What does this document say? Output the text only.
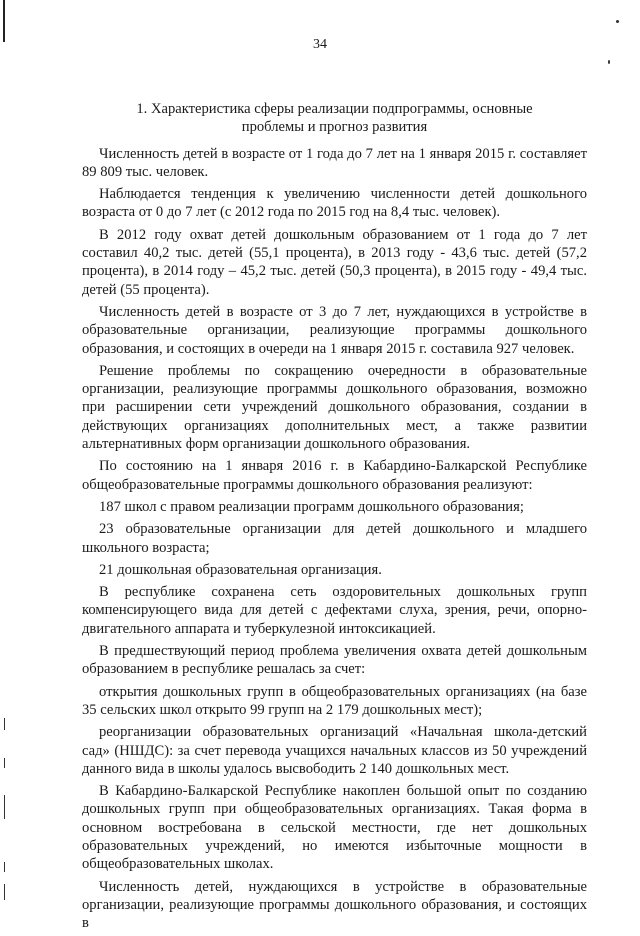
34
1. Характеристика сферы реализации подпрограммы, основные проблемы и прогноз развития

Численность детей в возрасте от 1 года до 7 лет на 1 января 2015 г. составляет 89 809 тыс. человек.

Наблюдается тенденция к увеличению численности детей дошкольного возраста от 0 до 7 лет (с 2012 года по 2015 год на 8,4 тыс. человек).

В 2012 году охват детей дошкольным образованием от 1 года до 7 лет составил 40,2 тыс. детей (55,1 процента), в 2013 году - 43,6 тыс. детей (57,2 процента), в 2014 году – 45,2 тыс. детей (50,3 процента), в 2015 году - 49,4 тыс. детей (55 процента).

Численность детей в возрасте от 3 до 7 лет, нуждающихся в устройстве в образовательные организации, реализующие программы дошкольного образования, и состоящих в очереди на 1 января 2015 г. составила 927 человек.

Решение проблемы по сокращению очередности в образовательные организации, реализующие программы дошкольного образования, возможно при расширении сети учреждений дошкольного образования, создании в действующих организациях дополнительных мест, а также развитии альтернативных форм организации дошкольного образования.

По состоянию на 1 января 2016 г. в Кабардино-Балкарской Республике общеобразовательные программы дошкольного образования реализуют:

187 школ с правом реализации программ дошкольного образования;

23 образовательные организации для детей дошкольного и младшего школьного возраста;

21 дошкольная образовательная организация.

В республике сохранена сеть оздоровительных дошкольных групп компенсирующего вида для детей с дефектами слуха, зрения, речи, опорно-двигательного аппарата и туберкулезной интоксикацией.

В предшествующий период проблема увеличения охвата детей дошкольным образованием в республике решалась за счет:

открытия дошкольных групп в общеобразовательных организациях (на базе 35 сельских школ открыто 99 групп на 2 179 дошкольных мест);

реорганизации образовательных организаций «Начальная школа-детский сад» (НШДС): за счет перевода учащихся начальных классов из 50 учреждений данного вида в школы удалось высвободить 2 140 дошкольных мест.

В Кабардино-Балкарской Республике накоплен большой опыт по созданию дошкольных групп при общеобразовательных организациях. Такая форма в основном востребована в сельской местности, где нет дошкольных образовательных учреждений, но имеются избыточные мощности в общеобразовательных школах.

Численность детей, нуждающихся в устройстве в образовательные организации, реализующие программы дошкольного образования, и состоящих в
